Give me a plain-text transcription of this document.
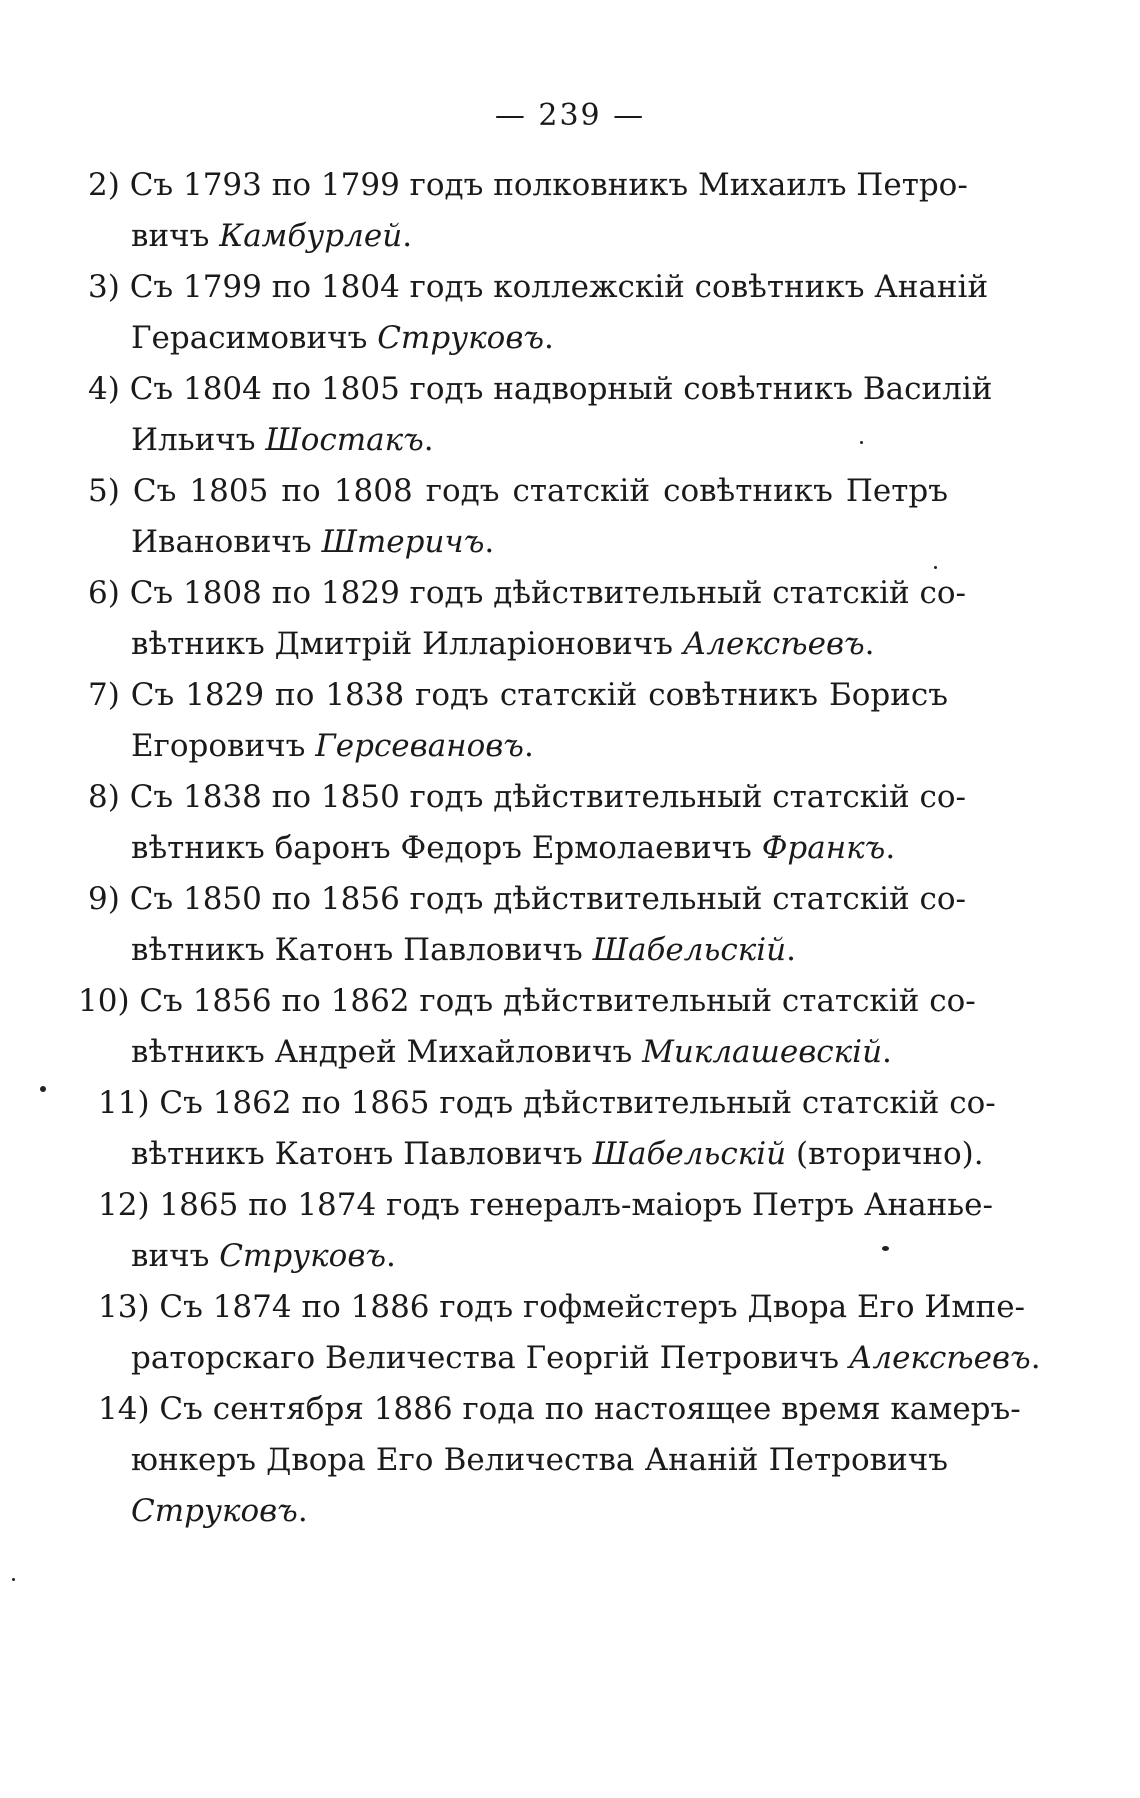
— 239 —
2) Съ 1793 по 1799 годъ полковникъ Михаилъ Петро-
вичъ Камбурлей.
3) Съ 1799 по 1804 годъ коллежскій совѣтникъ Ананій
Герасимовичъ Струковъ.
4) Съ 1804 по 1805 годъ надворный совѣтникъ Василій
Ильичъ Шостакъ.
5) Съ 1805 по 1808 годъ статскій совѣтникъ Петръ
Ивановичъ Штеричъ.
6) Съ 1808 по 1829 годъ дѣйствительный статскій со-
вѣтникъ Дмитрій Илларіоновичъ Алексѣевъ.
7) Съ 1829 по 1838 годъ статскій совѣтникъ Борисъ
Егоровичъ Герсевановъ.
8) Съ 1838 по 1850 годъ дѣйствительный статскій со-
вѣтникъ баронъ Федоръ Ермолаевичъ Франкъ.
9) Съ 1850 по 1856 годъ дѣйствительный статскій со-
вѣтникъ Катонъ Павловичъ Шабельскій.
10) Съ 1856 по 1862 годъ дѣйствительный статскій со-
вѣтникъ Андрей Михайловичъ Миклашевскій.
11) Съ 1862 по 1865 годъ дѣйствительный статскій со-
вѣтникъ Катонъ Павловичъ Шабельскій (вторично).
12) 1865 по 1874 годъ генералъ-маіоръ Петръ Ананье-
вичъ Струковъ.
13) Съ 1874 по 1886 годъ гофмейстеръ Двора Его Импе-
раторскаго Величества Георгій Петровичъ Алексѣевъ.
14) Съ сентября 1886 года по настоящее время камеръ-
юнкеръ Двора Его Величества Ананій Петровичъ
Струковъ.
